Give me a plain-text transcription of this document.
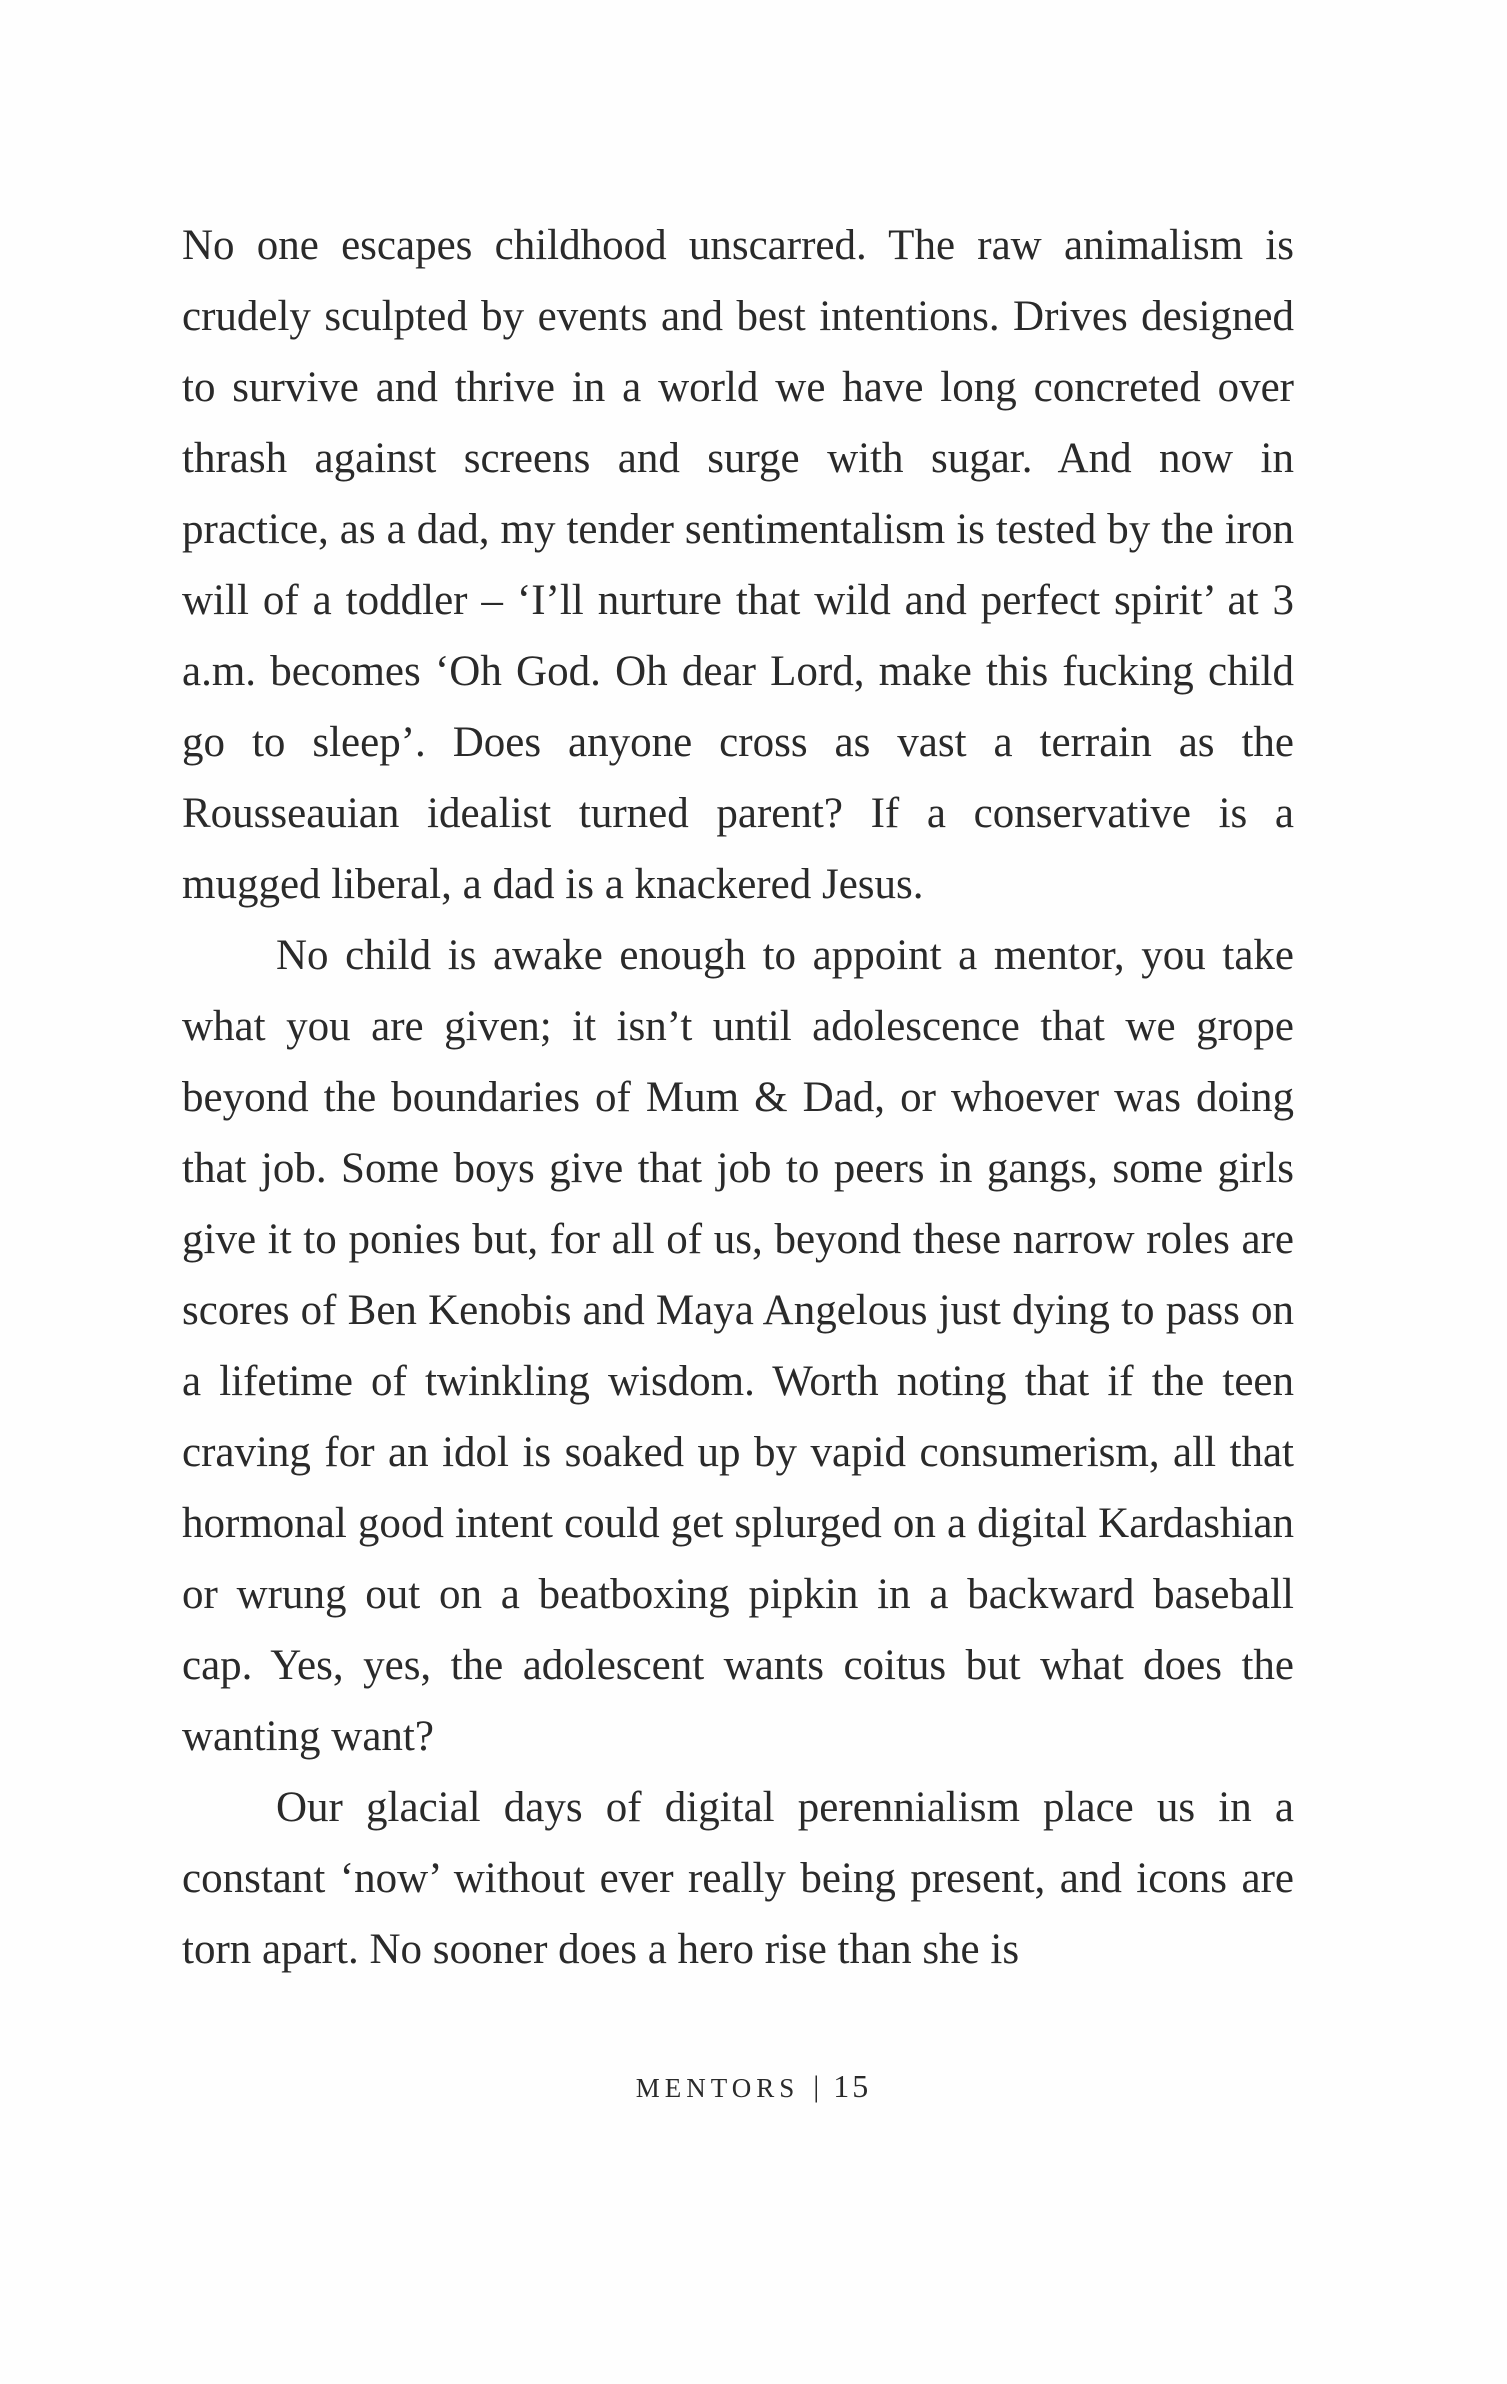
No one escapes childhood unscarred. The raw animalism is crudely sculpted by events and best intentions. Drives designed to survive and thrive in a world we have long concreted over thrash against screens and surge with sugar. And now in practice, as a dad, my tender sentimentalism is tested by the iron will of a toddler – ‘I’ll nurture that wild and perfect spirit’ at 3 a.m. becomes ‘Oh God. Oh dear Lord, make this fucking child go to sleep’. Does anyone cross as vast a terrain as the Rousseauian idealist turned parent? If a conservative is a mugged liberal, a dad is a knackered Jesus.

No child is awake enough to appoint a mentor, you take what you are given; it isn’t until adolescence that we grope beyond the boundaries of Mum & Dad, or whoever was doing that job. Some boys give that job to peers in gangs, some girls give it to ponies but, for all of us, beyond these narrow roles are scores of Ben Kenobis and Maya Angelous just dying to pass on a lifetime of twinkling wisdom. Worth noting that if the teen craving for an idol is soaked up by vapid consumerism, all that hormonal good intent could get splurged on a digital Kardashian or wrung out on a beatboxing pipkin in a backward baseball cap. Yes, yes, the adolescent wants coitus but what does the wanting want?

Our glacial days of digital perennialism place us in a constant ‘now’ without ever really being present, and icons are torn apart. No sooner does a hero rise than she is

MENTORS | 15
